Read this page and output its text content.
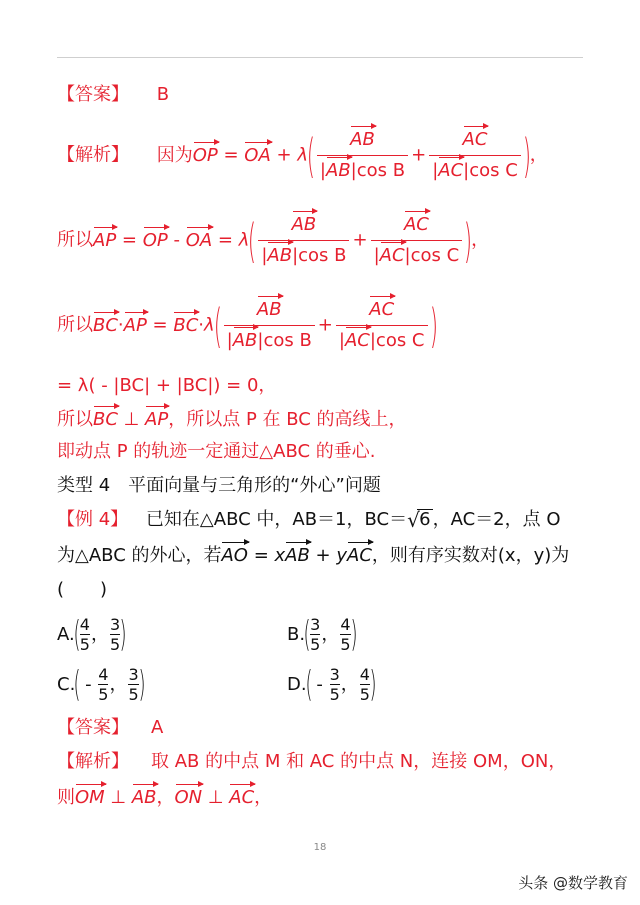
【答案】 B
【解析】 因为OP = OA + $\lambda( \frac{AB}{\text{|AB|cos B}} + \frac{AC}{\text{|AC|cos C}}$ )，
所以AP = OP - OA = $\lambda( \frac{AB}{\text{|AB|cos B}} + \frac{AC}{\text{|AC|cos C}}$ )，
所以$BC\cdot AP = BC\cdot\lambda( \frac{AB}{\text{|AB|cos B}} + \frac{AC}{\text{|AC|cos C}}$ )
= λ( - |BC| + |BC|) = 0，
所以BC ⊥ AP，所以点 P 在 BC 的高线上，
即动点 P 的轨迹一定通过△ABC 的垂心.
类型 4　平面向量与三角形的“外心”问题
【例 4】 已知在△ABC 中，AB＝1，BC＝ √ 6 ，AC＝2，点 O
为△ABC 的外心，若AO = xAB + yAC，则有序实数对(x，y)为
(　　)
$A.( \frac{4}{5}$ ， $\frac{3}{5}$ )	$B.( \frac{3}{5}$ ， $\frac{4}{5}$ )
$C.( - \frac{4}{5}$ ， $\frac{3}{5}$ )	$D.( - \frac{3}{5}$ ， $\frac{4}{5}$ )
【答案】 A
【解析】 取 AB 的中点 M 和 AC 的中点 N，连接 OM，ON，
则OM ⊥ AB，ON ⊥ AC，
18
头条 @数学教育
